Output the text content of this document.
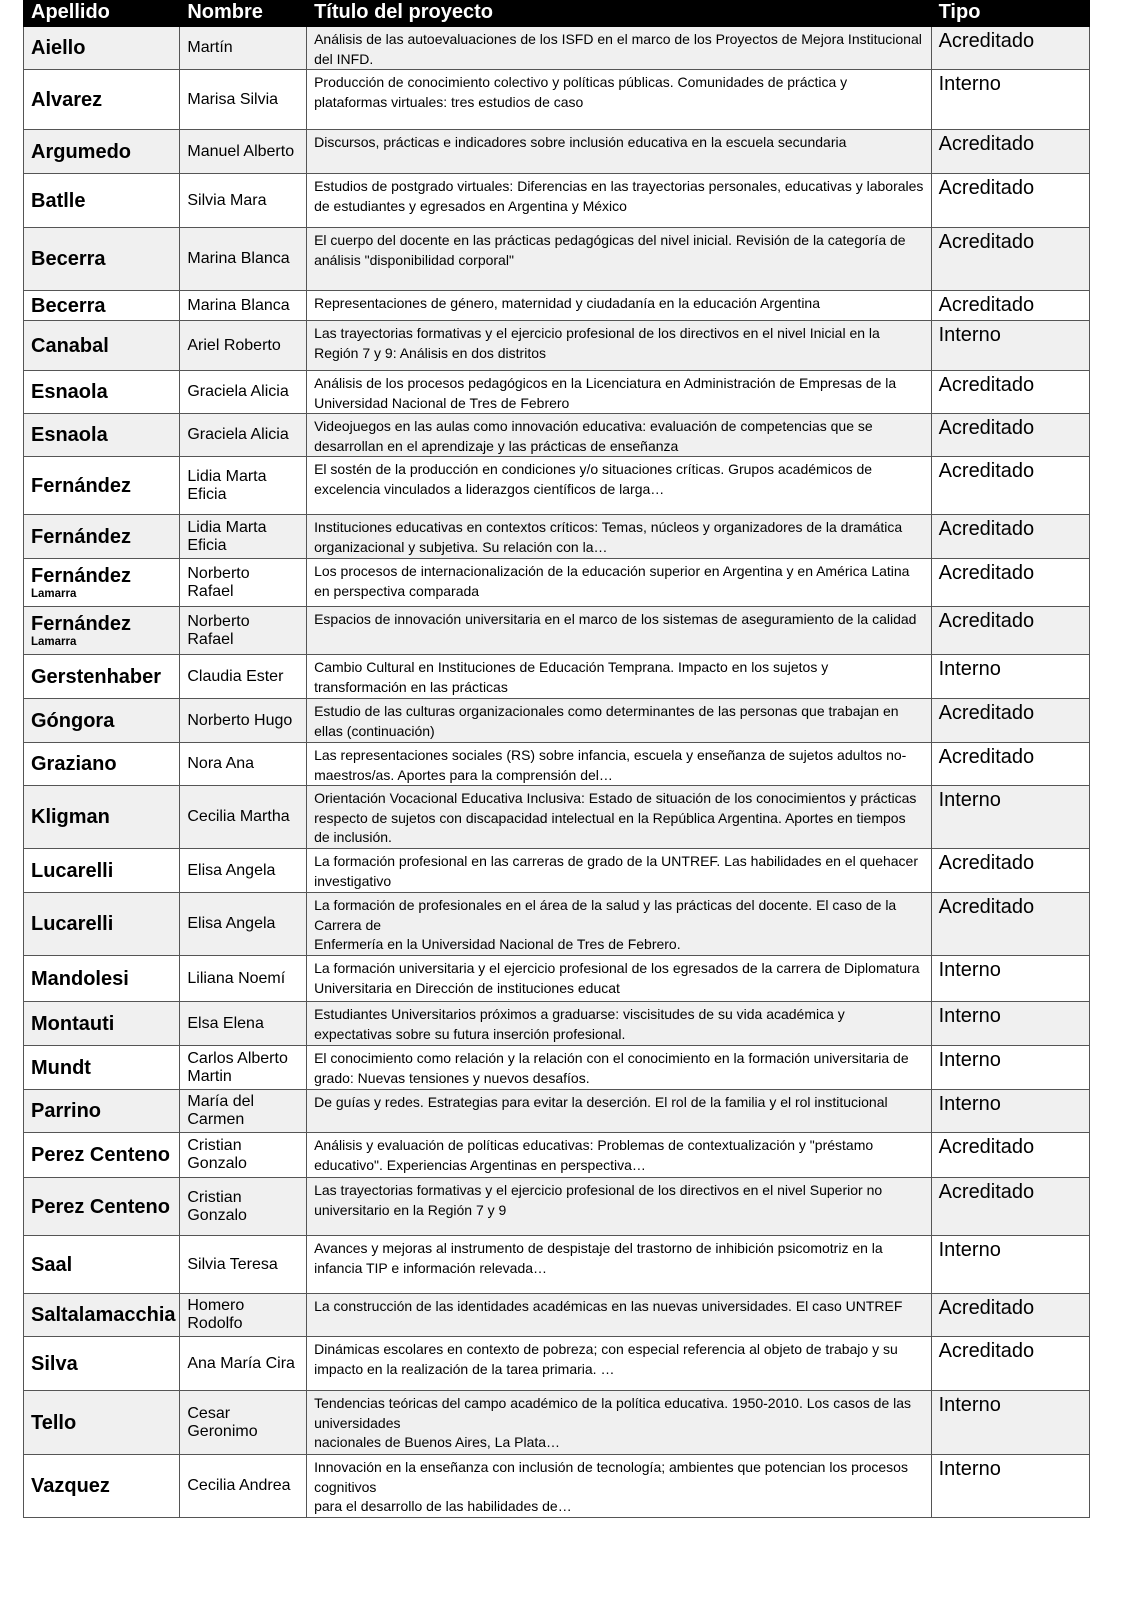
Apellido	Nombre	Título del proyecto	Tipo

Aiello	Martín	Análisis de las autoevaluaciones de los ISFD en el marco de los Proyectos de Mejora Institucional del INFD.	Acreditado

Alvarez	Marisa Silvia	Producción de conocimiento colectivo y políticas públicas. Comunidades de práctica y plataformas virtuales: tres estudios de caso	Interno

Argumedo	Manuel Alberto	Discursos, prácticas e indicadores sobre inclusión educativa en la escuela secundaria	Acreditado

Batlle	Silvia Mara	Estudios de postgrado virtuales: Diferencias en las trayectorias personales, educativas y laborales de estudiantes y egresados en Argentina y México	Acreditado

Becerra	Marina Blanca	El cuerpo del docente en las prácticas pedagógicas del nivel inicial. Revisión de la categoría de análisis "disponibilidad corporal"	Acreditado

Becerra	Marina Blanca	Representaciones de género, maternidad y ciudadanía en la educación Argentina	Acreditado

Canabal	Ariel Roberto	Las trayectorias formativas y el ejercicio profesional de los directivos en el nivel Inicial en la Región 7 y 9: Análisis en dos distritos	Interno

Esnaola	Graciela Alicia	Análisis de los procesos pedagógicos en la Licenciatura en Administración de Empresas de la Universidad Nacional de Tres de Febrero	Acreditado

Esnaola	Graciela Alicia	Videojuegos en las aulas como innovación educativa: evaluación de competencias que se desarrollan en el aprendizaje y las prácticas de enseñanza	Acreditado

Fernández	Lidia Marta Eficia	El sostén de la producción en condiciones y/o situaciones críticas. Grupos académicos de excelencia vinculados a liderazgos científicos de larga…	Acreditado

Fernández	Lidia Marta Eficia	Instituciones educativas en contextos críticos: Temas, núcleos y organizadores de la dramática organizacional y subjetiva. Su relación con la…	Acreditado

Fernández
Lamarra	Norberto Rafael	Los procesos de internacionalización de la educación superior en Argentina y en América Latina en perspectiva comparada	Acreditado

Fernández
Lamarra	Norberto Rafael	Espacios de innovación universitaria en el marco de los sistemas de aseguramiento de la calidad	Acreditado

Gerstenhaber	Claudia Ester	Cambio Cultural en Instituciones de Educación Temprana. Impacto en los sujetos y transformación en las prácticas	Interno

Góngora	Norberto Hugo	Estudio de las culturas organizacionales como determinantes de las personas que trabajan en ellas (continuación)	Acreditado

Graziano	Nora Ana	Las representaciones sociales (RS) sobre infancia, escuela y enseñanza de sujetos adultos no-maestros/as. Aportes para la comprensión del…	Acreditado

Kligman	Cecilia Martha	Orientación Vocacional Educativa Inclusiva: Estado de situación de los conocimientos y prácticas respecto de sujetos con discapacidad intelectual en la República Argentina. Aportes en tiempos de inclusión.	Interno

Lucarelli	Elisa Angela	La formación profesional en las carreras de grado de la UNTREF. Las habilidades en el quehacer investigativo	Acreditado

Lucarelli	Elisa Angela	La formación de profesionales en el área de la salud y las prácticas del docente. El caso de la Carrera de
Enfermería en la Universidad Nacional de Tres de Febrero.	Acreditado

Mandolesi	Liliana Noemí	La formación universitaria y el ejercicio profesional de los egresados de la carrera de Diplomatura Universitaria en Dirección de instituciones educat	Interno

Montauti	Elsa Elena	Estudiantes Universitarios próximos a graduarse: viscisitudes de su vida académica y expectativas sobre su futura inserción profesional.	Interno

Mundt	Carlos Alberto Martin	El conocimiento como relación y la relación con el conocimiento en la formación universitaria de grado: Nuevas tensiones y nuevos desafíos.	Interno

Parrino	María del Carmen	De guías y redes. Estrategias para evitar la deserción. El rol de la familia y el rol institucional	Interno

Perez Centeno	Cristian Gonzalo	Análisis y evaluación de políticas educativas: Problemas de contextualización y "préstamo educativo". Experiencias Argentinas en perspectiva…	Acreditado

Perez Centeno	Cristian Gonzalo	Las trayectorias formativas y el ejercicio profesional de los directivos en el nivel Superior no universitario en la Región 7 y 9	Acreditado

Saal	Silvia Teresa	Avances y mejoras al instrumento de despistaje del trastorno de inhibición psicomotriz en la infancia TIP e información relevada…	Interno

Saltalamacchia	Homero Rodolfo	La construcción de las identidades académicas en las nuevas universidades. El caso UNTREF	Acreditado

Silva	Ana María Cira	Dinámicas escolares en contexto de pobreza; con especial referencia al objeto de trabajo y su impacto en la realización de la tarea primaria. …	Acreditado

Tello	Cesar Geronimo	Tendencias teóricas del campo académico de la política educativa. 1950-2010. Los casos de las universidades
nacionales de Buenos Aires, La Plata…	Interno

Vazquez	Cecilia Andrea	Innovación en la enseñanza con inclusión de tecnología; ambientes que potencian los procesos cognitivos
para el desarrollo de las habilidades de…	Interno
